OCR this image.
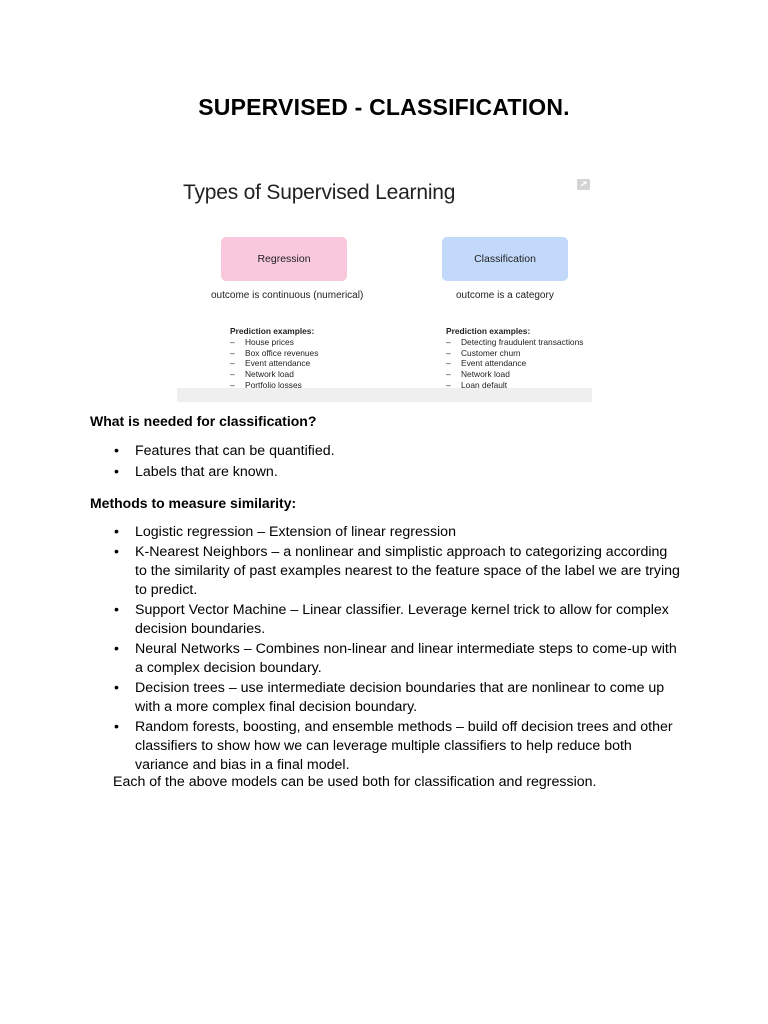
SUPERVISED - CLASSIFICATION.
Types of Supervised Learning
Regression	Classification
outcome is continuous (numerical)	outcome is a category
Prediction examples:
– House prices
– Box office revenues
– Event attendance
– Network load
– Portfolio losses
Prediction examples:
– Detecting fraudulent transactions
– Customer churn
– Event attendance
– Network load
– Loan default
What is needed for classification?
• Features that can be quantified.
• Labels that are known.
Methods to measure similarity:
• Logistic regression – Extension of linear regression
• K-Nearest Neighbors – a nonlinear and simplistic approach to categorizing according to the similarity of past examples nearest to the feature space of the label we are trying to predict.
• Support Vector Machine – Linear classifier. Leverage kernel trick to allow for complex decision boundaries.
• Neural Networks – Combines non-linear and linear intermediate steps to come-up with a complex decision boundary.
• Decision trees – use intermediate decision boundaries that are nonlinear to come up with a more complex final decision boundary.
• Random forests, boosting, and ensemble methods – build off decision trees and other classifiers to show how we can leverage multiple classifiers to help reduce both variance and bias in a final model.
Each of the above models can be used both for classification and regression.
